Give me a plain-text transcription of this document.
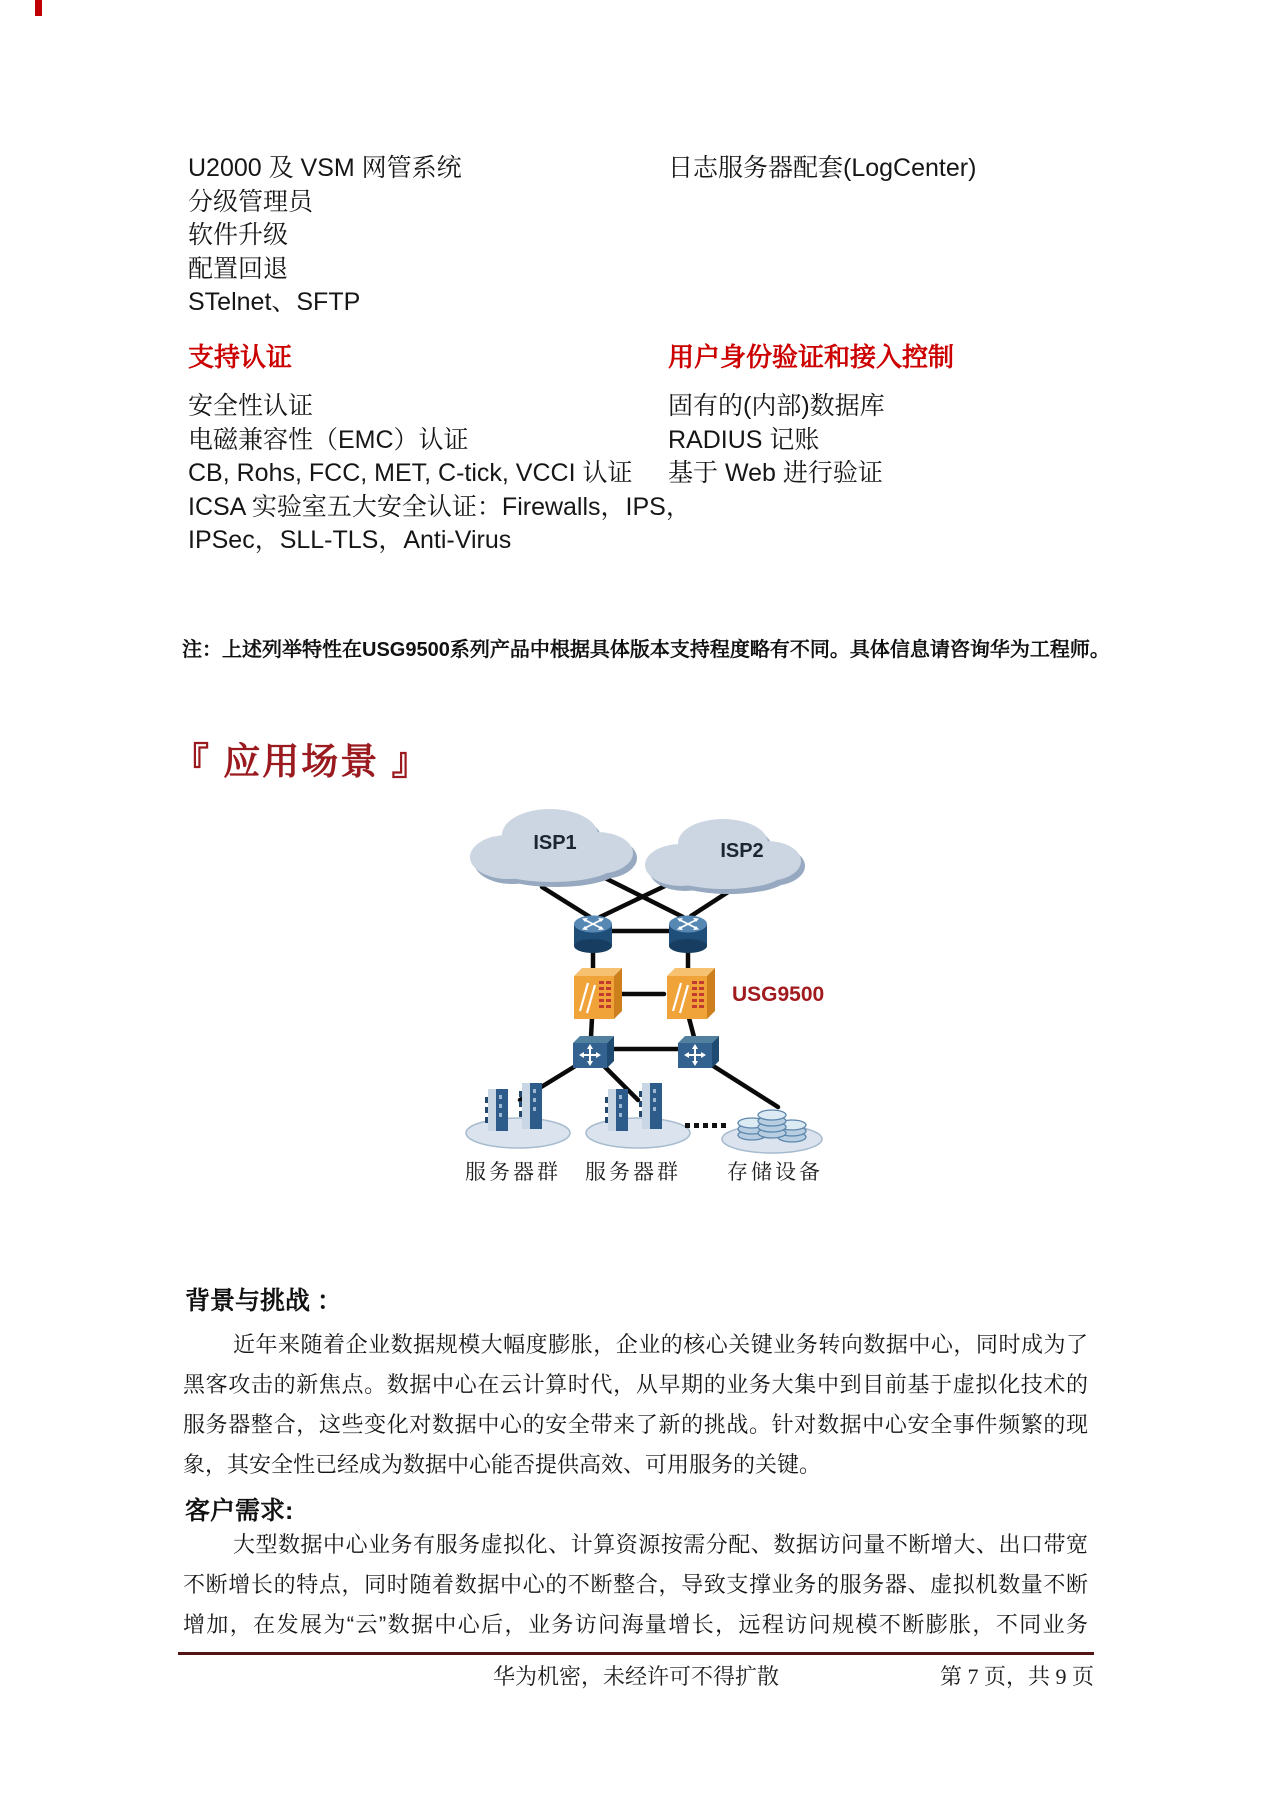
U2000 及 VSM 网管系统
分级管理员
软件升级
配置回退
STelnet、SFTP
日志服务器配套(LogCenter)
支持认证	用户身份验证和接入控制
安全性认证
电磁兼容性（EMC）认证
CB, Rohs, FCC, MET, C-tick, VCCI 认证
ICSA 实验室五大安全认证：Firewalls，IPS，
IPSec，SLL-TLS，Anti-Virus
固有的(内部)数据库
RADIUS 记账
基于 Web 进行验证
注：上述列举特性在USG9500系列产品中根据具体版本支持程度略有不同。具体信息请咨询华为工程师。
『 应用场景 』
ISP1	ISP2
USG9500
服务器群 服务器群 存储设备
背景与挑战 ：
近年来随着企业数据规模大幅度膨胀，企业的核心关键业务转向数据中心，同时成为了
黑客攻击的新焦点。数据中心在云计算时代，从早期的业务大集中到目前基于虚拟化技术的
服务器整合，这些变化对数据中心的安全带来了新的挑战。针对数据中心安全事件频繁的现
象，其安全性已经成为数据中心能否提供高效、可用服务的关键。
客户需求:
大型数据中心业务有服务虚拟化、计算资源按需分配、数据访问量不断增大、出口带宽
不断增长的特点，同时随着数据中心的不断整合，导致支撑业务的服务器、虚拟机数量不断
增加，在发展为“云”数据中心后，业务访问海量增长，远程访问规模不断膨胀，不同业务
华为机密，未经许可不得扩散	第 7 页，共 9 页
